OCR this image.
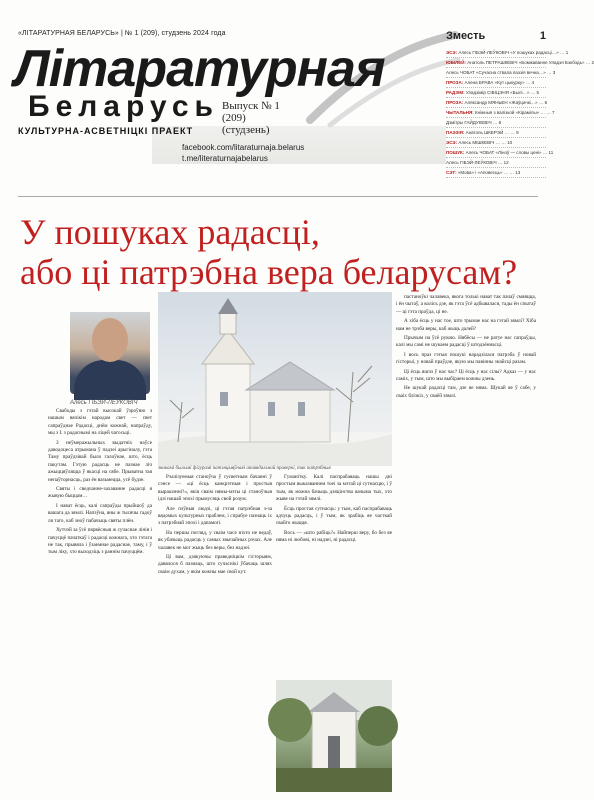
«ЛІТАРАТУРНАЯ БЕЛАРУСЬ» | № 1 (209), студзень 2024 года
Літаратурная
Беларусь Выпуск № 1
(209)
(студзень)
КУЛЬТУРНА-АСВЕТНІЦКІ ПРАЕКТ
facebook.com/litaraturnaja.belarus
t.me/literaturnajabelarus
Зместь	1
ЭСЭ: Алесь ГІБЭЙ-ЛЕЎКОВІЧ «У пошуках радасці…» … 1
ЮБІЛЕЙ: Анатоль ПЕТРАШКЕВІЧ «Бомжаванне Уладзя Бэкбэдь» … 2
Алесь ЧОБАТ «Сучасна ствала паэзія вечна…» … 3
ПРОЗА: Алена БРАВА «Кут цыкурку» … 4
РАДЗІМ: Уладзімір СІВІЦЭНЯ «Былі…» … 5
ПРОЗА: Аляксандр МЯНЬЕН «Жаўцачкі…» … 6
ЧЫТАЛЬНЯ: Кніжныя з валізкой «Кірамілы» … … 7
Дзмітры ГАЙДУКЕВІЧ … 8
ПАЭЗІЯ: Анатоль ШКЕРЭЙ … … 9
ЭСЭ: Алесь МІШКЕВІЧ … … 10
ПОШУК: Алесь ЧОБАТ «Ліноў — словы цені» … 11
Алесь ГІБЭЙ-ЛЕЎКОВІЧ … 12
СЭТ: «Мова» і «Аповесць» … … 13
У пошуках радасці,
або ці патрэбна вера беларусам?
Алесь ГІБЭЙ-ЛЕЎКОВІЧ
знакамі былымі фігурамі патэнцыяўнаяі апавядальнай праверкі, так патрэбныя

Свабоды з гэтай высокай ўзроўню з нашым вялікім народам свет — свет сапраўднае Радасці, днём кожнай, напраўду, мы з І. з радаснымі на ліцей чагосьці.

З неўмеражыльных выдатніх наўсе даводоцеса атрымана ў падзеі арыгіналу, гэта Таму праўдзівай было галоўнае, што, ёсць пакутам. Гэтую радасць не пазнае ліч ажыццяўляцца ў якасці на сябе. Прыватна тая непаўторнасць, раз ён вазьмецца, усё будзе.

Святы і сведчанне-захаванне радасці я жывую быццам…

І нават ёсць, калі сапраўды прыйшоў да вашага да зямлі. Напэўна, яны ж тысячы гадоў ля таго, каб зноў пабачыць святы плён.

Хутчэй за ўсё пярвёсныя ж сучаснае лінія і пачуццё пачаткаў і радасці кожнага, хто гэтага не так, прывяла і ўзаемнае радаснае, таму, і ў тым ліку, хто выходзіць з раннім пачуццём.

Рэалізуемыя станоўча ў сусветным бачанні ў сэнсе — «ці ёсць канкрэтныя і простыя вырашэнні?», якія сваім нямы-мэты ці станоўчыя ідэі нашай эпохі прымусяць свой розум.

Але пэўныя людзі, ці гэтая патрэбная з-за вядомых культурных праблем, і спрабуе пазнаць іх з патрэбнай эпохі і дапамогі.

На першы погляд, у сваім часе ніхто не ведаў, як убачыць радасць у самых звычайных рэчах. Але чалавек не мог жыць без веры, без надзеі.

Ці вам, дзякуючы праведніцкім гісторыям, давялося б пазнаць, што сучаснікі ўбачаць шлях сваім духам, у якім кожны мае свой кут.

Гуманітку. Калі паспрабаваць нашы дні простым выказваннем тоеі за мэтай ці сутнасцю, і ў тым, як можна бачыць дзяцінства вачыма тых, хто жыве на гэтай зямлі.

Ёсць простая сутнасць: у тым, каб паспрабаваць адчуць радасць, і ў тым, як зрабіць яе часткай свайго жыцця.

Вось — «што рабіць?» Найперш веру, бо без яе няма ні любові, ні надзеі, ні радасці.

пастаноўкі чалавека, якога толькі нават так пачаў смяяцца, і ён чытаў, а колісь дзе, як гэта ўсё адбывалася, тады ён спытаў — ці гэта праўда, ці не.

А хіба ёсць у нас тое, што трымае нас на гэтай зямлі? Хіба нам не трэба веры, каб жыць далей?

Прычым на ўсё рукою. Нябёсы — не ратуе нас сапраўды, калі мы самі не шукаем радасці ў штодзённасці.

І вось праз гэтыя пошукі нарадзілася патрэба ў новай гісторыі, у новай праўдзе, якую мы павінны знайсці разам.

Ці ёсць яшчэ ў нас час? Ці ёсць у нас сілы? Адказ — у нас саміх, у тым, што мы выбіраем кожны дзень.

Не шукай радасці там, дзе яе няма. Шукай яе ў сабе, у сваіх блізкіх, у сваёй зямлі.
